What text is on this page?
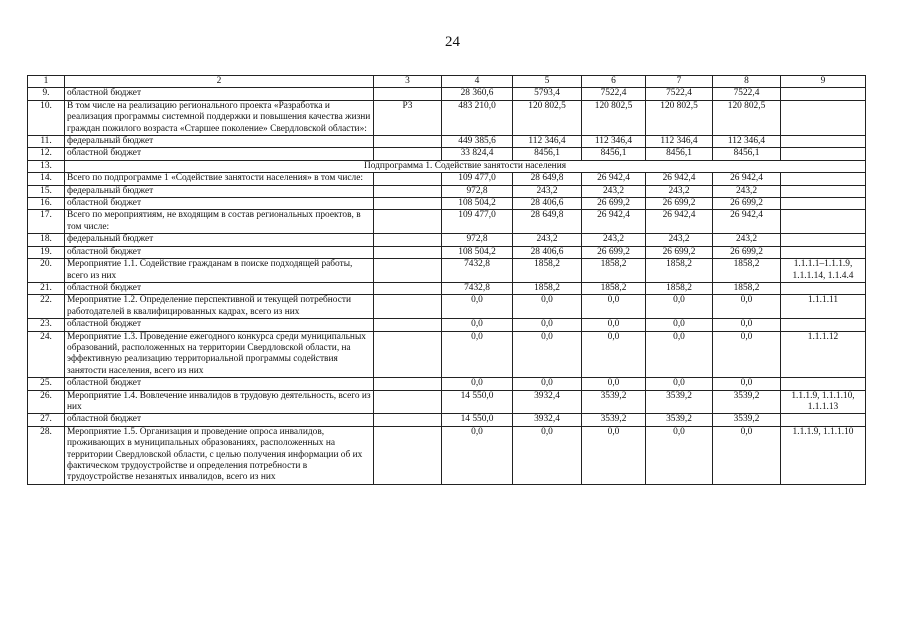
24
1	2	3	4	5	6	7	8	9
9.	областной бюджет		28 360,6	5793,4	7522,4	7522,4	7522,4	
10.	В том числе на реализацию регионального проекта «Разработка и реализация программы системной поддержки и повышения качества жизни граждан пожилого возраста «Старшее поколение» Свердловской области»:	Р3	483 210,0	120 802,5	120 802,5	120 802,5	120 802,5	
11.	федеральный бюджет		449 385,6	112 346,4	112 346,4	112 346,4	112 346,4	
12.	областной бюджет		33 824,4	8456,1	8456,1	8456,1	8456,1	
13.	Подпрограмма 1. Содействие занятости населения							
14.	Всего по подпрограмме 1 «Содействие занятости населения» в том числе:		109 477,0	28 649,8	26 942,4	26 942,4	26 942,4	
15.	федеральный бюджет		972,8	243,2	243,2	243,2	243,2	
16.	областной бюджет		108 504,2	28 406,6	26 699,2	26 699,2	26 699,2	
17.	Всего по мероприятиям, не входящим в состав региональных проектов, в том числе:		109 477,0	28 649,8	26 942,4	26 942,4	26 942,4	
18.	федеральный бюджет		972,8	243,2	243,2	243,2	243,2	
19.	областной бюджет		108 504,2	28 406,6	26 699,2	26 699,2	26 699,2	
20.	Мероприятие 1.1. Содействие гражданам в поиске подходящей работы, всего из них		7432,8	1858,2	1858,2	1858,2	1858,2	1.1.1.1–1.1.1.9, 1.1.1.14, 1.1.4.4
21.	областной бюджет		7432,8	1858,2	1858,2	1858,2	1858,2	
22.	Мероприятие 1.2. Определение перспективной и текущей потребности работодателей в квалифицированных кадрах, всего из них		0,0	0,0	0,0	0,0	0,0	1.1.1.11
23.	областной бюджет		0,0	0,0	0,0	0,0	0,0	
24.	Мероприятие 1.3. Проведение ежегодного конкурса среди муниципальных образований, расположенных на территории Свердловской области, на эффективную реализацию территориальной программы содействия занятости населения, всего из них		0,0	0,0	0,0	0,0	0,0	1.1.1.12
25.	областной бюджет		0,0	0,0	0,0	0,0	0,0	
26.	Мероприятие 1.4. Вовлечение инвалидов в трудовую деятельность, всего из них		14 550,0	3932,4	3539,2	3539,2	3539,2	1.1.1.9, 1.1.1.10, 1.1.1.13
27.	областной бюджет		14 550,0	3932,4	3539,2	3539,2	3539,2	
28.	Мероприятие 1.5. Организация и проведение опроса инвалидов, проживающих в муниципальных образованиях, расположенных на территории Свердловской области, с целью получения информации об их фактическом трудоустройстве и определения потребности в трудоустройстве незанятых инвалидов, всего из них		0,0	0,0	0,0	0,0	0,0	1.1.1.9, 1.1.1.10
